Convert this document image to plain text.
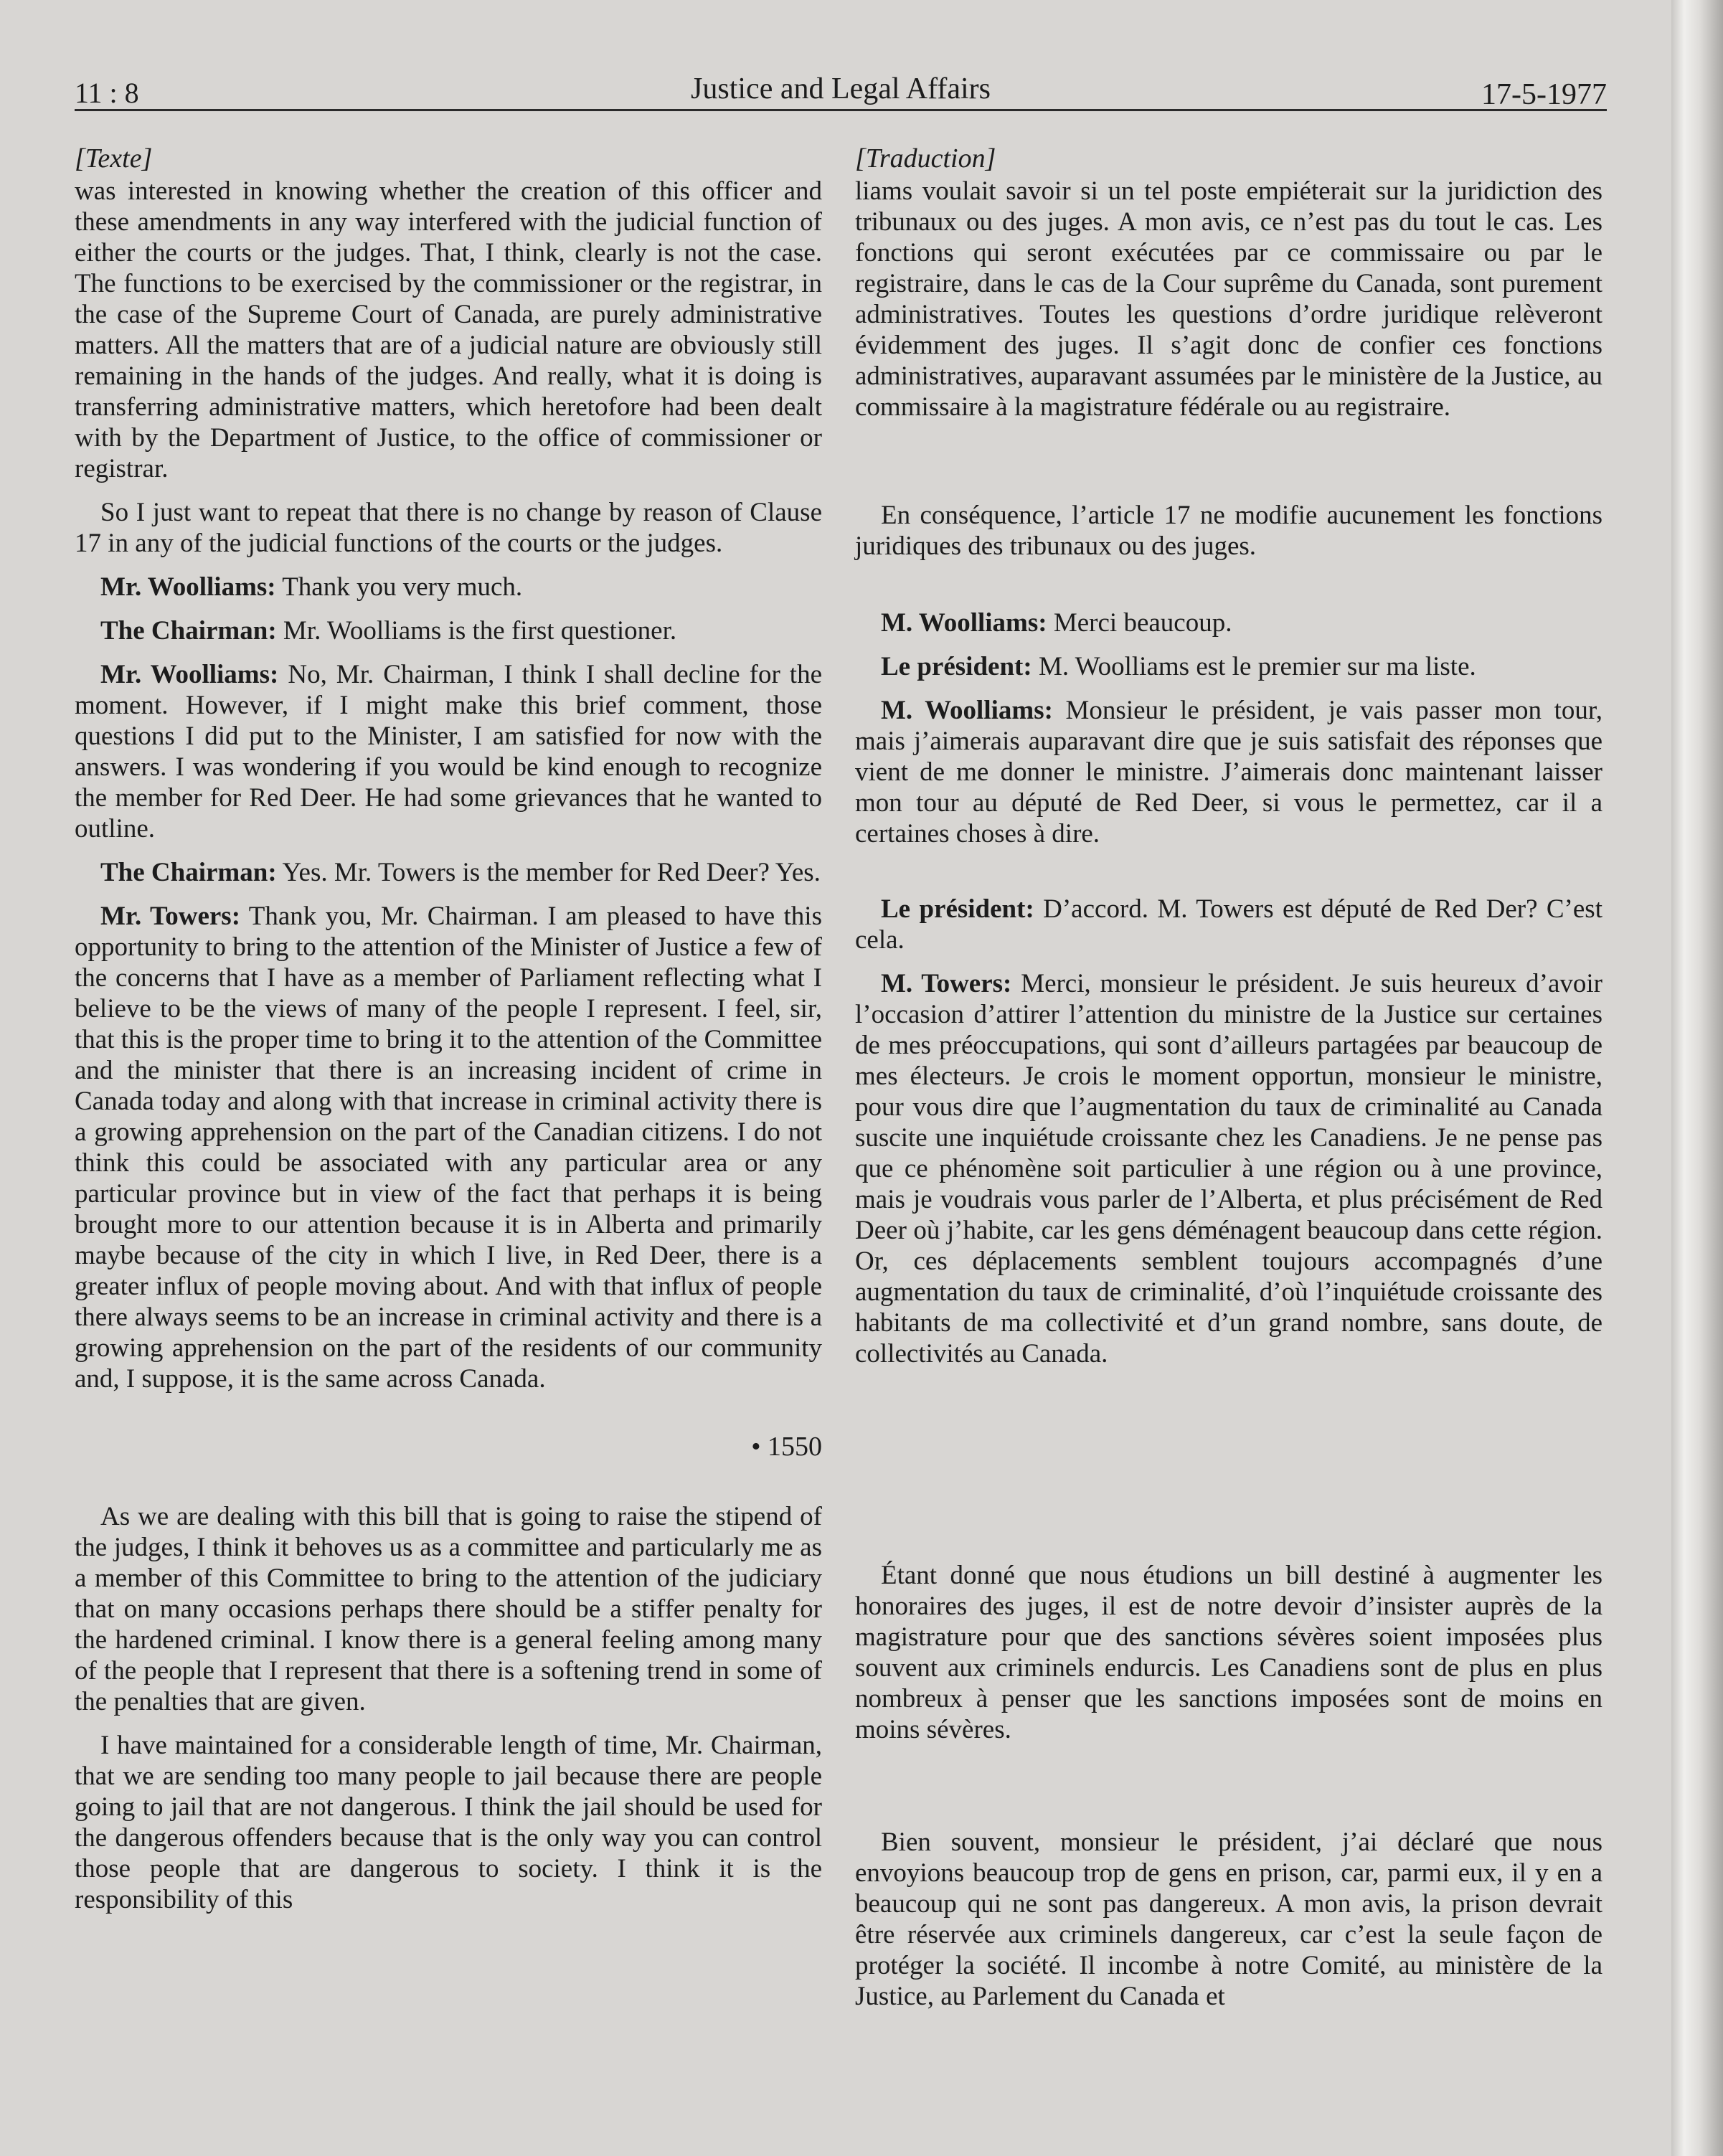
11 : 8	Justice and Legal Affairs	17-5-1977
[Texte]

was interested in knowing whether the creation of this officer and these amendments in any way interfered with the judicial function of either the courts or the judges. That, I think, clearly is not the case. The functions to be exercised by the commissioner or the registrar, in the case of the Supreme Court of Canada, are purely administrative matters. All the matters that are of a judicial nature are obviously still remaining in the hands of the judges. And really, what it is doing is transferring administrative matters, which heretofore had been dealt with by the Department of Justice, to the office of commissioner or registrar.

So I just want to repeat that there is no change by reason of Clause 17 in any of the judicial functions of the courts or the judges.

Mr. Woolliams: Thank you very much.

The Chairman: Mr. Woolliams is the first questioner.

Mr. Woolliams: No, Mr. Chairman, I think I shall decline for the moment. However, if I might make this brief comment, those questions I did put to the Minister, I am satisfied for now with the answers. I was wondering if you would be kind enough to recognize the member for Red Deer. He had some grievances that he wanted to outline.

The Chairman: Yes. Mr. Towers is the member for Red Deer? Yes.

Mr. Towers: Thank you, Mr. Chairman. I am pleased to have this opportunity to bring to the attention of the Minister of Justice a few of the concerns that I have as a member of Parliament reflecting what I believe to be the views of many of the people I represent. I feel, sir, that this is the proper time to bring it to the attention of the Committee and the minister that there is an increasing incident of crime in Canada today and along with that increase in criminal activity there is a growing apprehension on the part of the Canadian citizens. I do not think this could be associated with any particular area or any particular province but in view of the fact that perhaps it is being brought more to our attention because it is in Alberta and primarily maybe because of the city in which I live, in Red Deer, there is a greater influx of people moving about. And with that influx of people there always seems to be an increase in criminal activity and there is a growing apprehension on the part of the residents of our community and, I suppose, it is the same across Canada.

• 1550

As we are dealing with this bill that is going to raise the stipend of the judges, I think it behoves us as a committee and particularly me as a member of this Committee to bring to the attention of the judiciary that on many occasions perhaps there should be a stiffer penalty for the hardened criminal. I know there is a general feeling among many of the people that I represent that there is a softening trend in some of the penalties that are given.

I have maintained for a considerable length of time, Mr. Chairman, that we are sending too many people to jail because there are people going to jail that are not dangerous. I think the jail should be used for the dangerous offenders because that is the only way you can control those people that are dangerous to society. I think it is the responsibility of this

[Traduction]

liams voulait savoir si un tel poste empiéterait sur la juridiction des tribunaux ou des juges. A mon avis, ce n’est pas du tout le cas. Les fonctions qui seront exécutées par ce commissaire ou par le registraire, dans le cas de la Cour suprême du Canada, sont purement administratives. Toutes les questions d’ordre juridique relèveront évidemment des juges. Il s’agit donc de confier ces fonctions administratives, auparavant assumées par le ministère de la Justice, au commissaire à la magistrature fédérale ou au registraire.

En conséquence, l’article 17 ne modifie aucunement les fonctions juridiques des tribunaux ou des juges.

M. Woolliams: Merci beaucoup.

Le président: M. Woolliams est le premier sur ma liste.

M. Woolliams: Monsieur le président, je vais passer mon tour, mais j’aimerais auparavant dire que je suis satisfait des réponses que vient de me donner le ministre. J’aimerais donc maintenant laisser mon tour au député de Red Deer, si vous le permettez, car il a certaines choses à dire.

Le président: D’accord. M. Towers est député de Red Der? C’est cela.

M. Towers: Merci, monsieur le président. Je suis heureux d’avoir l’occasion d’attirer l’attention du ministre de la Justice sur certaines de mes préoccupations, qui sont d’ailleurs partagées par beaucoup de mes électeurs. Je crois le moment opportun, monsieur le ministre, pour vous dire que l’augmentation du taux de criminalité au Canada suscite une inquiétude croissante chez les Canadiens. Je ne pense pas que ce phénomène soit particulier à une région ou à une province, mais je voudrais vous parler de l’Alberta, et plus précisément de Red Deer où j’habite, car les gens déménagent beaucoup dans cette région. Or, ces déplacements semblent toujours accompagnés d’une augmentation du taux de criminalité, d’où l’inquiétude croissante des habitants de ma collectivité et d’un grand nombre, sans doute, de collectivités au Canada.

Étant donné que nous étudions un bill destiné à augmenter les honoraires des juges, il est de notre devoir d’insister auprès de la magistrature pour que des sanctions sévères soient imposées plus souvent aux criminels endurcis. Les Canadiens sont de plus en plus nombreux à penser que les sanctions imposées sont de moins en moins sévères.

Bien souvent, monsieur le président, j’ai déclaré que nous envoyions beaucoup trop de gens en prison, car, parmi eux, il y en a beaucoup qui ne sont pas dangereux. A mon avis, la prison devrait être réservée aux criminels dangereux, car c’est la seule façon de protéger la société. Il incombe à notre Comité, au ministère de la Justice, au Parlement du Canada et
